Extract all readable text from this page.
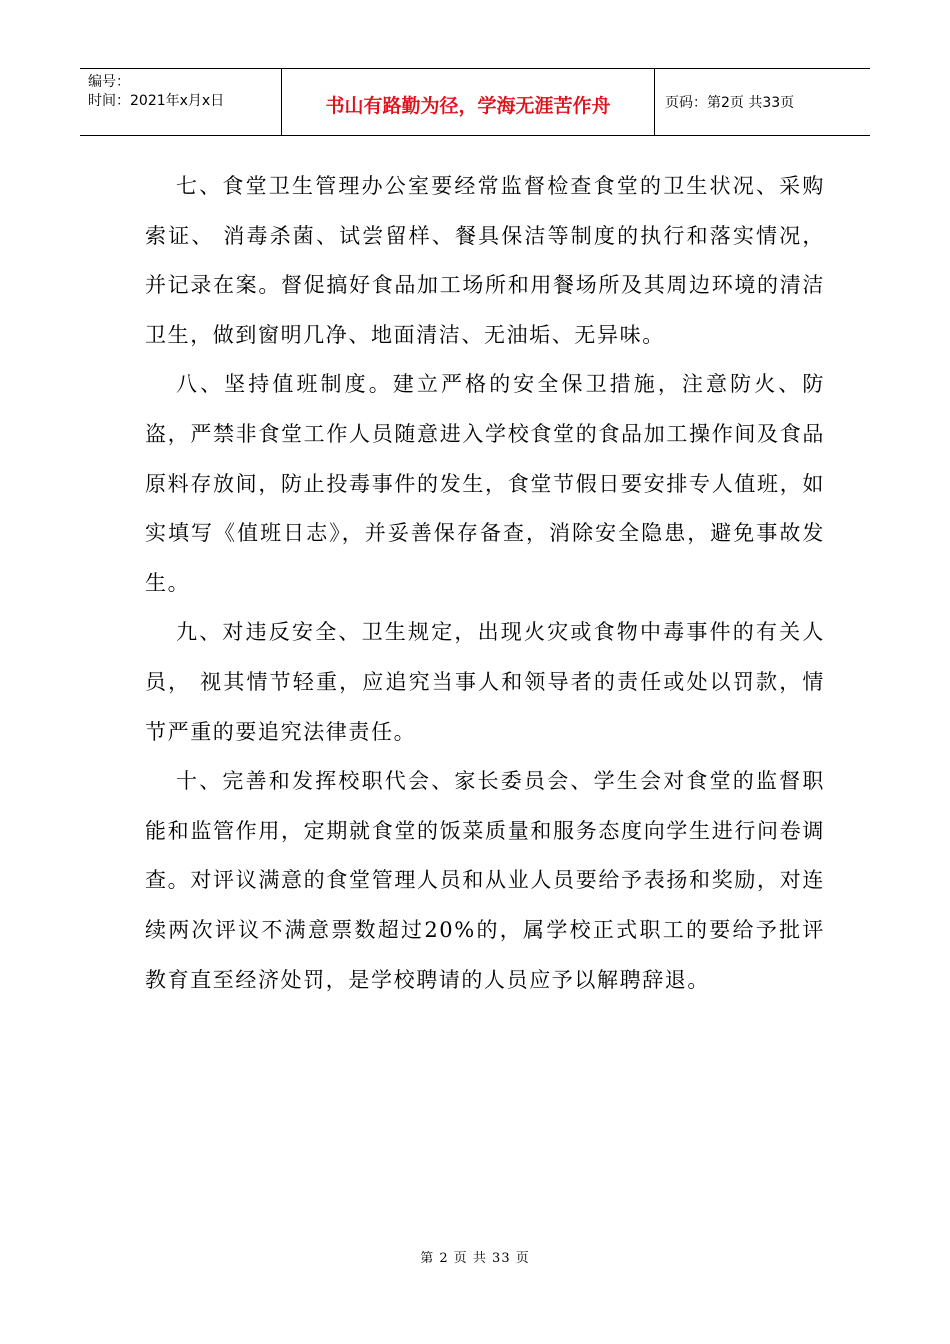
编号：
时间：2021年x月x日	书山有路勤为径，学海无涯苦作舟	页码：第2页 共33页

七、食堂卫生管理办公室要经常监督检查食堂的卫生状况、采购索证、 消毒杀菌、试尝留样、餐具保洁等制度的执行和落实情况，并记录在案。督促搞好食品加工场所和用餐场所及其周边环境的清洁卫生，做到窗明几净、地面清洁、无油垢、无异味。

八、坚持值班制度。建立严格的安全保卫措施，注意防火、防盗，严禁非食堂工作人员随意进入学校食堂的食品加工操作间及食品原料存放间，防止投毒事件的发生，食堂节假日要安排专人值班，如实填写《值班日志》，并妥善保存备查，消除安全隐患，避免事故发生。

九、对违反安全、卫生规定，出现火灾或食物中毒事件的有关人员， 视其情节轻重，应追究当事人和领导者的责任或处以罚款，情节严重的要追究法律责任。

十、完善和发挥校职代会、家长委员会、学生会对食堂的监督职能和监管作用，定期就食堂的饭菜质量和服务态度向学生进行问卷调查。对评议满意的食堂管理人员和从业人员要给予表扬和奖励，对连续两次评议不满意票数超过20%的，属学校正式职工的要给予批评教育直至经济处罚，是学校聘请的人员应予以解聘辞退。

第 2 页 共 33 页
